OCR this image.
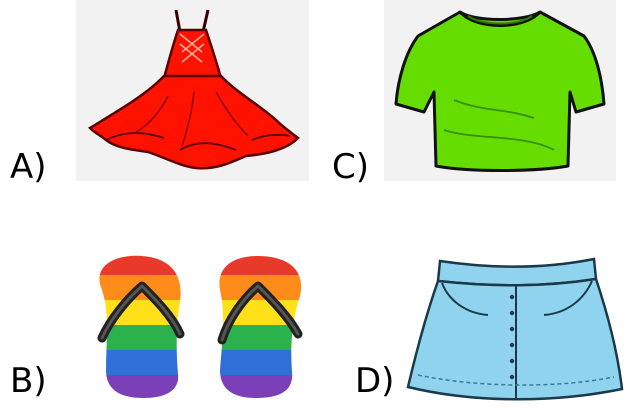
A)
B)
C)
D)
